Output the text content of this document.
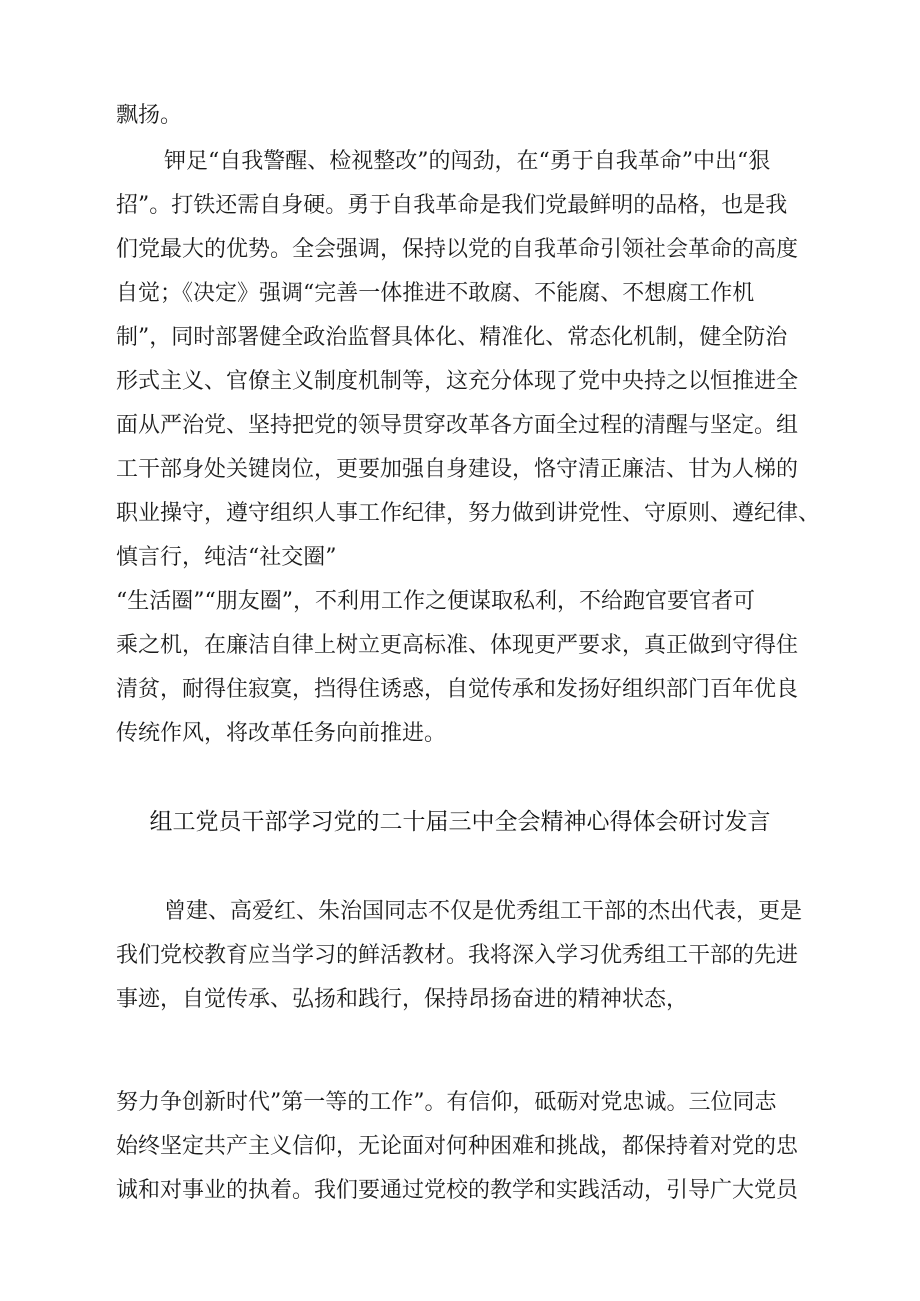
飘扬。
钾足“自我警醒、检视整改”的闯劲，在“勇于自我革命”中出“狠
招”。打铁还需自身硬。勇于自我革命是我们党最鲜明的品格，也是我
们党最大的优势。全会强调，保持以党的自我革命引领社会革命的高度
自觉；《决定》强调“完善一体推进不敢腐、不能腐、不想腐工作机
制”，同时部署健全政治监督具体化、精准化、常态化机制，健全防治
形式主义、官僚主义制度机制等，这充分体现了党中央持之以恒推进全
面从严治党、坚持把党的领导贯穿改革各方面全过程的清醒与坚定。组
工干部身处关键岗位，更要加强自身建设，恪守清正廉洁、甘为人梯的
职业操守，遵守组织人事工作纪律，努力做到讲党性、守原则、遵纪律、
慎言行，纯洁“社交圈”
“生活圈”“朋友圈”，不利用工作之便谋取私利，不给跑官要官者可
乘之机，在廉洁自律上树立更高标准、体现更严要求，真正做到守得住
清贫，耐得住寂寞，挡得住诱惑，自觉传承和发扬好组织部门百年优良
传统作风，将改革任务向前推进。
组工党员干部学习党的二十届三中全会精神心得体会研讨发言
曾建、高爱红、朱治国同志不仅是优秀组工干部的杰出代表，更是
我们党校教育应当学习的鲜活教材。我将深入学习优秀组工干部的先进
事迹，自觉传承、弘扬和践行，保持昂扬奋进的精神状态，
努力争创新时代”第一等的工作”。有信仰，砥砺对党忠诚。三位同志
始终坚定共产主义信仰，无论面对何种困难和挑战，都保持着对党的忠
诚和对事业的执着。我们要通过党校的教学和实践活动，引导广大党员
